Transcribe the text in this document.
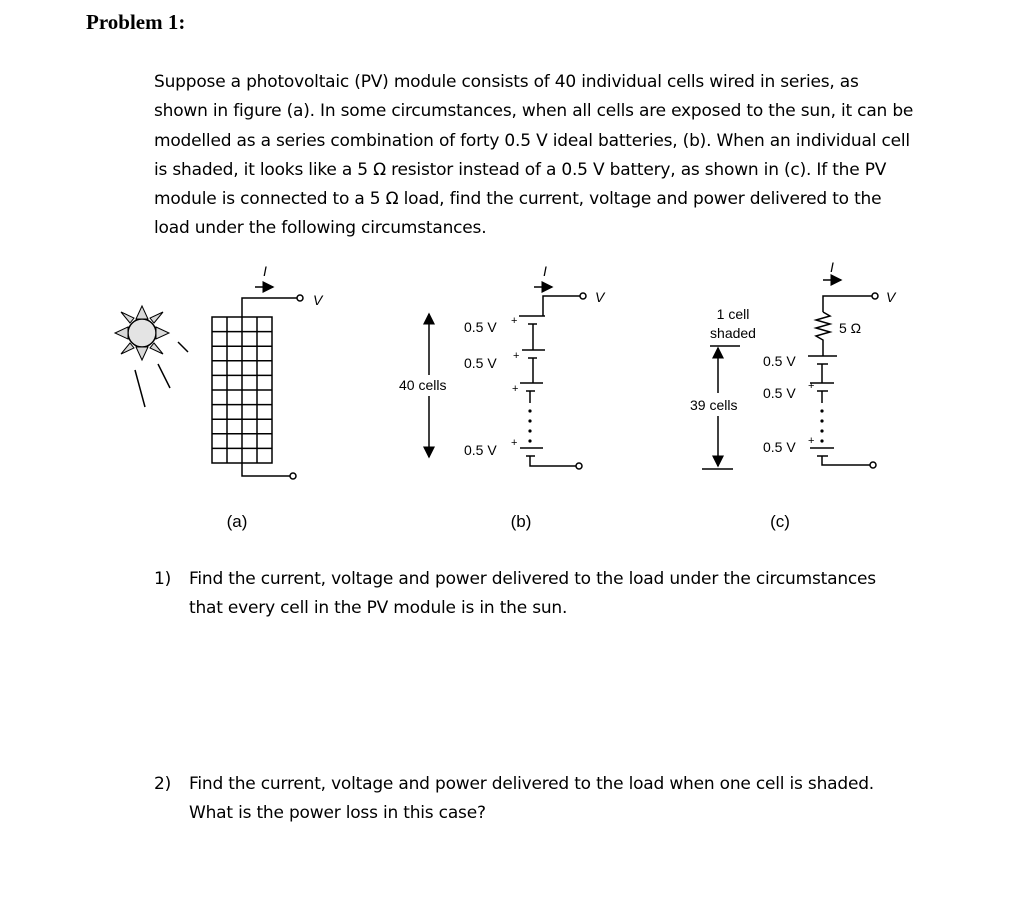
Problem 1:
Suppose a photovoltaic (PV) module consists of 40 individual cells wired in series, as shown in figure (a). In some circumstances, when all cells are exposed to the sun, it can be modelled as a series combination of forty 0.5 V ideal batteries, (b). When an individual cell is shaded, it looks like a 5 Ω resistor instead of a 0.5 V battery, as shown in (c). If the PV module is connected to a 5 Ω load, find the current, voltage and power delivered to the load under the following circumstances.
I
V
I
V
0.5 V
0.5 V
0.5 V
40 cells
+
+
+
+
I
V
5 Ω
1 cell
shaded
39 cells
0.5 V
0.5 V
0.5 V
+
+
(a)	(b)	(c)
1) Find the current, voltage and power delivered to the load under the circumstances that every cell in the PV module is in the sun.
2) Find the current, voltage and power delivered to the load when one cell is shaded. What is the power loss in this case?
